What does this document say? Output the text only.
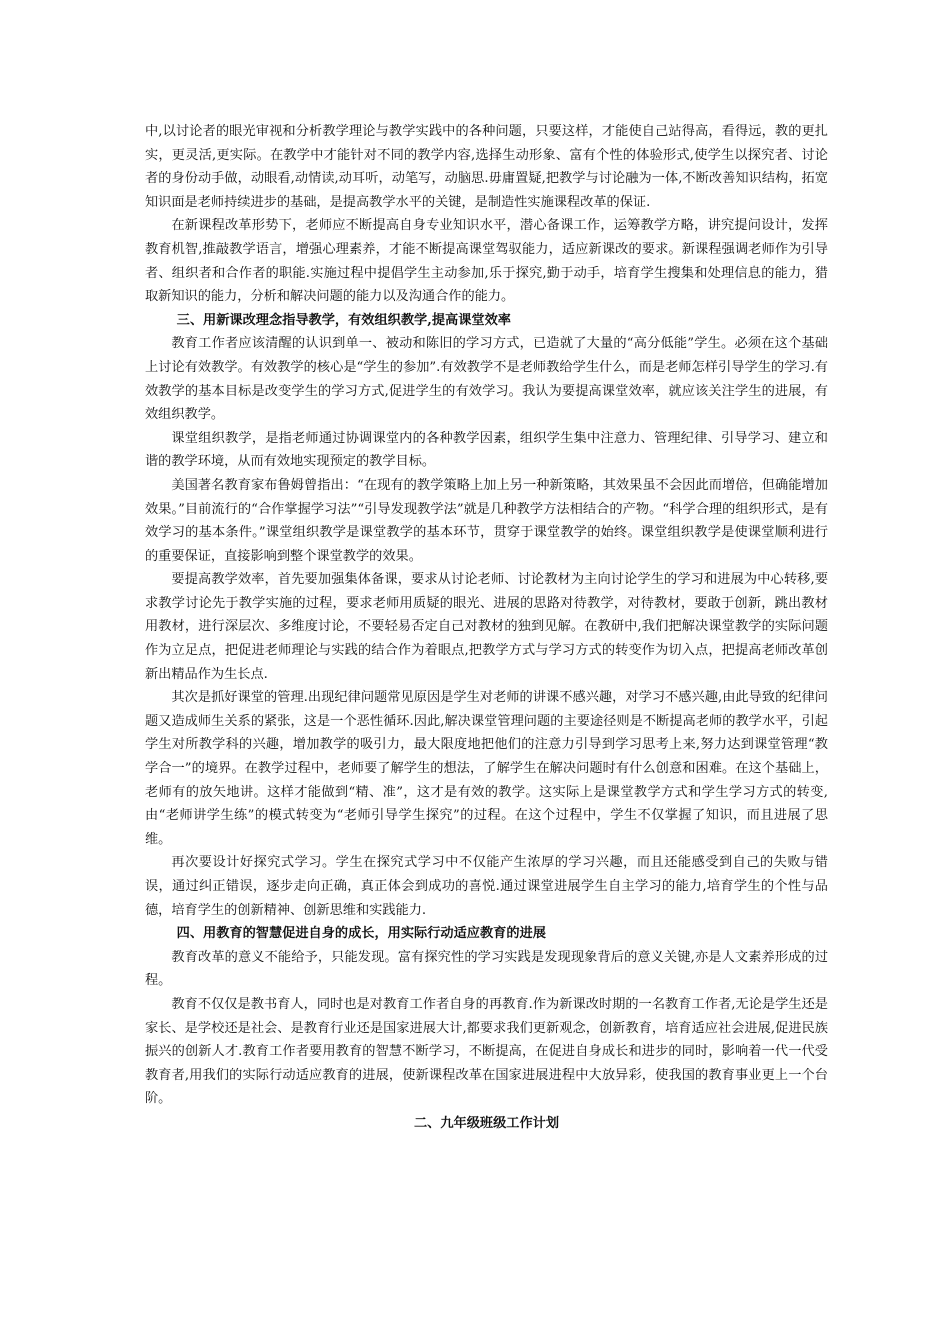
中,以讨论者的眼光审视和分析教学理论与教学实践中的各种问题，只要这样，才能使自己站得高，看得远，教的更扎实，更灵活,更实际。在教学中才能针对不同的教学内容,选择生动形象、富有个性的体验形式,使学生以探究者、讨论者的身份动手做，动眼看,动情读,动耳听，动笔写，动脑思.毋庸置疑,把教学与讨论融为一体,不断改善知识结构，拓宽知识面是老师持续进步的基础，是提高教学水平的关键，是制造性实施课程改革的保证.

在新课程改革形势下，老师应不断提高自身专业知识水平，潜心备课工作，运筹教学方略，讲究提问设计，发挥教育机智,推敲教学语言，增强心理素养，才能不断提高课堂驾驭能力，适应新课改的要求。新课程强调老师作为引导者、组织者和合作者的职能.实施过程中提倡学生主动参加,乐于探究,勤于动手，培育学生搜集和处理信息的能力，猎取新知识的能力，分析和解决问题的能力以及沟通合作的能力。

三、用新课改理念指导教学，有效组织教学,提高课堂效率

教育工作者应该清醒的认识到单一、被动和陈旧的学习方式，已造就了大量的“高分低能”学生。必须在这个基础上讨论有效教学。有效教学的核心是“学生的参加”.有效教学不是老师教给学生什么，而是老师怎样引导学生的学习.有效教学的基本目标是改变学生的学习方式,促进学生的有效学习。我认为要提高课堂效率，就应该关注学生的进展，有效组织教学。

课堂组织教学，是指老师通过协调课堂内的各种教学因素，组织学生集中注意力、管理纪律、引导学习、建立和谐的教学环境，从而有效地实现预定的教学目标。

美国著名教育家布鲁姆曾指出：“在现有的教学策略上加上另一种新策略，其效果虽不会因此而增倍，但确能增加效果。”目前流行的“合作掌握学习法”“引导发现教学法”就是几种教学方法相结合的产物。“科学合理的组织形式，是有效学习的基本条件。”课堂组织教学是课堂教学的基本环节，贯穿于课堂教学的始终。课堂组织教学是使课堂顺利进行的重要保证，直接影响到整个课堂教学的效果。

要提高教学效率，首先要加强集体备课，要求从讨论老师、讨论教材为主向讨论学生的学习和进展为中心转移,要求教学讨论先于教学实施的过程，要求老师用质疑的眼光、进展的思路对待教学，对待教材，要敢于创新，跳出教材用教材，进行深层次、多维度讨论，不要轻易否定自己对教材的独到见解。在教研中,我们把解决课堂教学的实际问题作为立足点，把促进老师理论与实践的结合作为着眼点,把教学方式与学习方式的转变作为切入点，把提高老师改革创新出精品作为生长点.

其次是抓好课堂的管理.出现纪律问题常见原因是学生对老师的讲课不感兴趣，对学习不感兴趣,由此导致的纪律问题又造成师生关系的紧张，这是一个恶性循环.因此,解决课堂管理问题的主要途径则是不断提高老师的教学水平，引起学生对所教学科的兴趣，增加教学的吸引力，最大限度地把他们的注意力引导到学习思考上来,努力达到课堂管理“教学合一”的境界。在教学过程中，老师要了解学生的想法，了解学生在解决问题时有什么创意和困难。在这个基础上，老师有的放矢地讲。这样才能做到“精、准”，这才是有效的教学。这实际上是课堂教学方式和学生学习方式的转变,由“老师讲学生练”的模式转变为“老师引导学生探究”的过程。在这个过程中，学生不仅掌握了知识，而且进展了思维。

再次要设计好探究式学习。学生在探究式学习中不仅能产生浓厚的学习兴趣，而且还能感受到自己的失败与错误，通过纠正错误，逐步走向正确，真正体会到成功的喜悦.通过课堂进展学生自主学习的能力,培育学生的个性与品德，培育学生的创新精神、创新思维和实践能力.

四、用教育的智慧促进自身的成长，用实际行动适应教育的进展

教育改革的意义不能给予，只能发现。富有探究性的学习实践是发现现象背后的意义关键,亦是人文素养形成的过程。

教育不仅仅是教书育人，同时也是对教育工作者自身的再教育.作为新课改时期的一名教育工作者,无论是学生还是家长、是学校还是社会、是教育行业还是国家进展大计,都要求我们更新观念，创新教育，培育适应社会进展,促进民族振兴的创新人才.教育工作者要用教育的智慧不断学习，不断提高，在促进自身成长和进步的同时，影响着一代一代受教育者,用我们的实际行动适应教育的进展，使新课程改革在国家进展进程中大放异彩，使我国的教育事业更上一个台阶。

二、九年级班级工作计划
